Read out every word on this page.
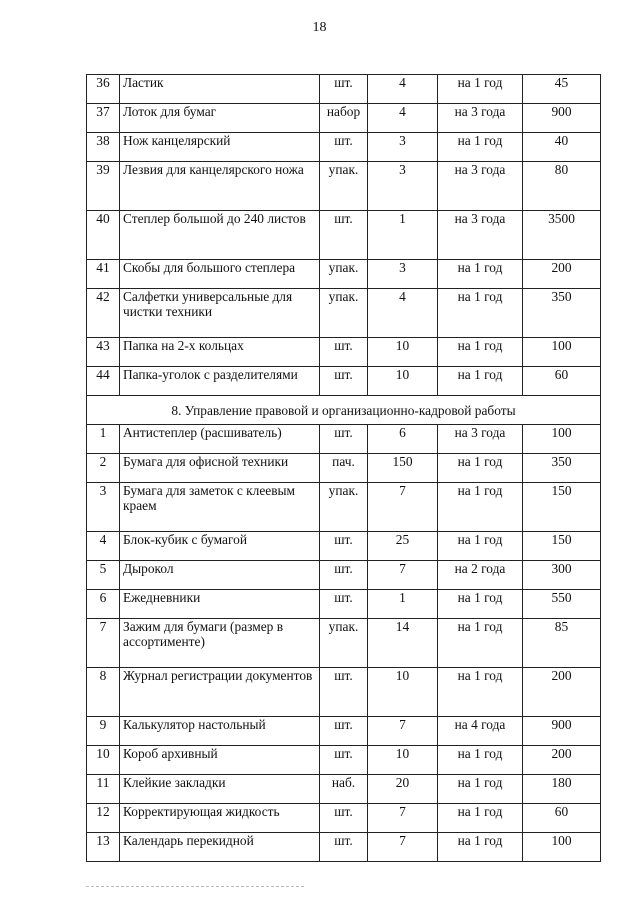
18
36	Ластик	шт.	4	на 1 год	45
37	Лоток для бумаг	набор	4	на 3 года	900
38	Нож канцелярский	шт.	3	на 1 год	40
39	Лезвия для канцелярского ножа	упак.	3	на 3 года	80
40	Степлер большой до 240 листов	шт.	1	на 3 года	3500
41	Скобы для большого степлера	упак.	3	на 1 год	200
42	Салфетки универсальные для чистки техники	упак.	4	на 1 год	350
43	Папка на 2-х кольцах	шт.	10	на 1 год	100
44	Папка-уголок с разделителями	шт.	10	на 1 год	60
8. Управление правовой и организационно-кадровой работы					
1	Антистеплер (расшиватель)	шт.	6	на 3 года	100
2	Бумага для офисной техники	пач.	150	на 1 год	350
3	Бумага для заметок с клеевым краем	упак.	7	на 1 год	150
4	Блок-кубик с бумагой	шт.	25	на 1 год	150
5	Дырокол	шт.	7	на 2 года	300
6	Ежедневники	шт.	1	на 1 год	550
7	Зажим для бумаги (размер в ассортименте)	упак.	14	на 1 год	85
8	Журнал регистрации документов	шт.	10	на 1 год	200
9	Калькулятор настольный	шт.	7	на 4 года	900
10	Короб архивный	шт.	10	на 1 год	200
11	Клейкие закладки	наб.	20	на 1 год	180
12	Корректирующая жидкость	шт.	7	на 1 год	60
13	Календарь перекидной	шт.	7	на 1 год	100
